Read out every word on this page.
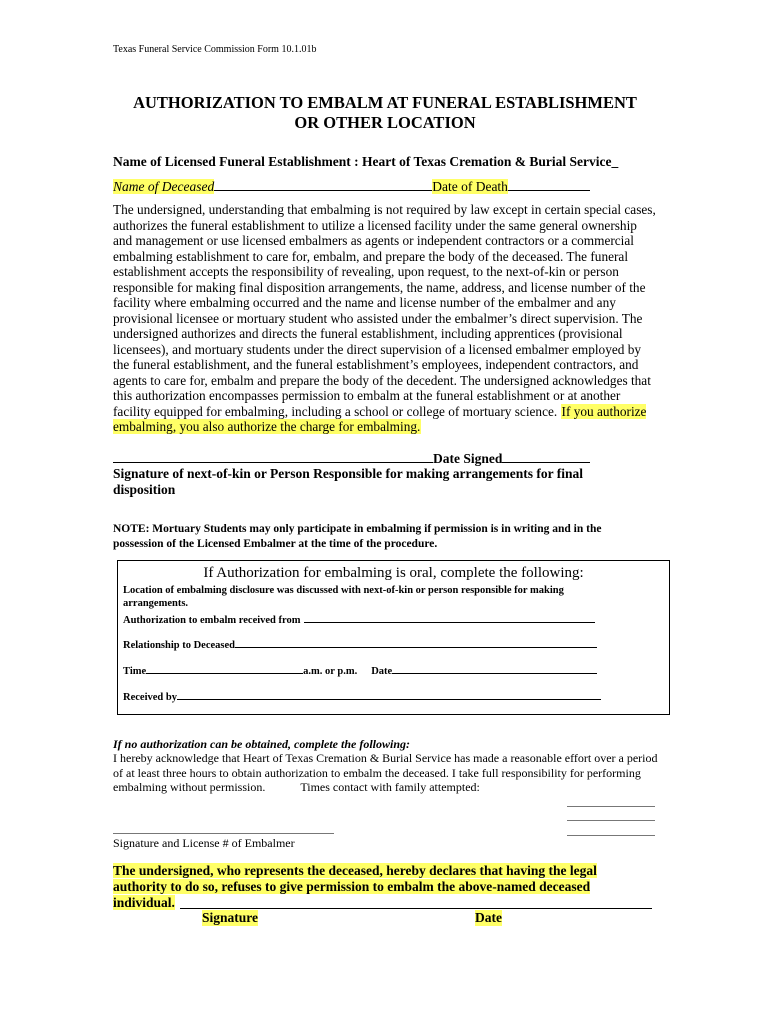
Texas Funeral Service Commission Form 10.1.01b
AUTHORIZATION TO EMBALM AT FUNERAL ESTABLISHMENT
OR OTHER LOCATION
Name of Licensed Funeral Establishment : Heart of Texas Cremation & Burial Service_
Name of Deceased	Date of Death
The undersigned, understanding that embalming is not required by law except in certain special cases, authorizes the funeral establishment to utilize a licensed facility under the same general ownership and management or use licensed embalmers as agents or independent contractors or a commercial embalming establishment to care for, embalm, and prepare the body of the deceased. The funeral establishment accepts the responsibility of revealing, upon request, to the next-of-kin or person responsible for making final disposition arrangements, the name, address, and license number of the facility where embalming occurred and the name and license number of the embalmer and any provisional licensee or mortuary student who assisted under the embalmer’s direct supervision. The undersigned authorizes and directs the funeral establishment, including apprentices (provisional licensees), and mortuary students under the direct supervision of a licensed embalmer employed by the funeral establishment, and the funeral establishment’s employees, independent contractors, and agents to care for, embalm and prepare the body of the decedent. The undersigned acknowledges that this authorization encompasses permission to embalm at the funeral establishment or at another facility equipped for embalming, including a school or college of mortuary science. If you authorize embalming, you also authorize the charge for embalming.
Date Signed
Signature of next-of-kin or Person Responsible for making arrangements for final disposition
NOTE: Mortuary Students may only participate in embalming if permission is in writing and in the possession of the Licensed Embalmer at the time of the procedure.
If Authorization for embalming is oral, complete the following:
Location of embalming disclosure was discussed with next-of-kin or person responsible for making arrangements.
Authorization to embalm received from
Relationship to Deceased
Time	a.m. or p.m. Date
Received by
If no authorization can be obtained, complete the following:
I hereby acknowledge that Heart of Texas Cremation & Burial Service has made a reasonable effort over a period of at least three hours to obtain authorization to embalm the deceased. I take full responsibility for performing embalming without permission.	Times contact with family attempted:
Signature and License # of Embalmer
The undersigned, who represents the deceased, hereby declares that having the legal authority to do so, refuses to give permission to embalm the above-named deceased individual.
Signature	Date
